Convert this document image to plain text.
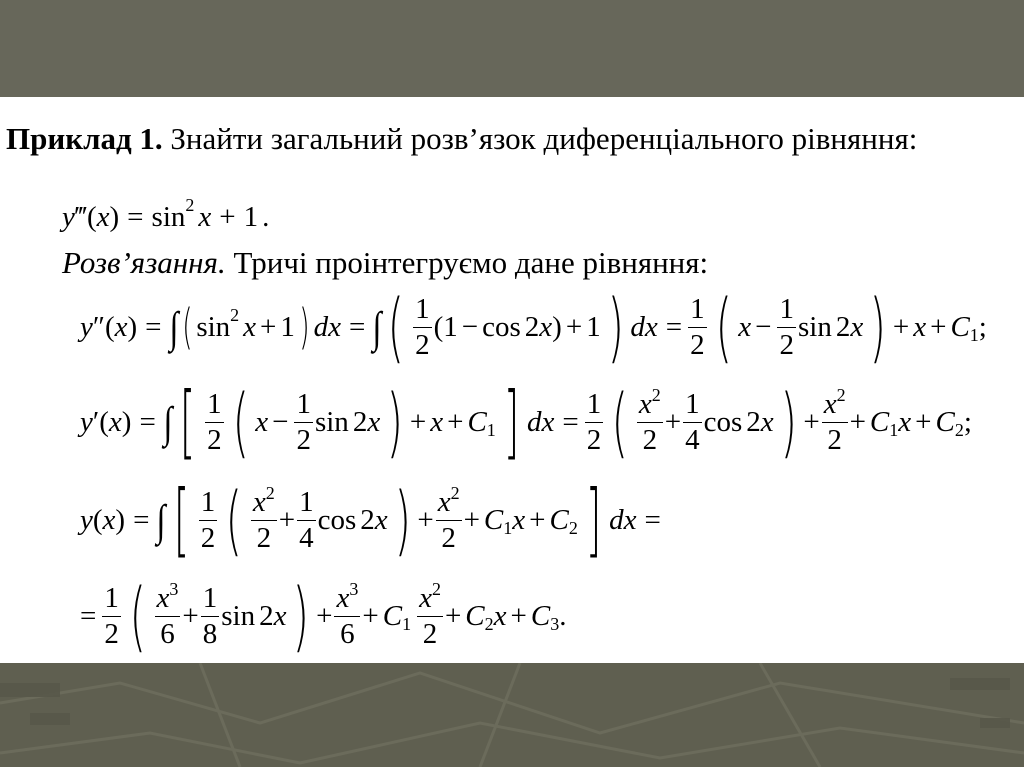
Приклад 1. Знайти загальний розв’язок диференціального рівняння:
y ‴( x ) = sin 2 x + 1 .
Розв’язання. Тричі проінтегруємо дане рівняння:
y ″( x ) = ∫ ( sin 2 x + 1 ) dx = ∫ ( $\frac{1}{2} (1 - \cos 2$ x ) + 1 ) dx = $\frac{1}{2}$ ( $x - \frac{1}{2}$ sin 2 x ) + x + C 1 ;
y ′( x ) = ∫ [ $\frac{1}{2}$ ( $x - \frac{1}{2}$ sin 2 x ) + x + C 1 ] dx = $\frac{1}{2}$ ( $\frac{x^2}{2} + \frac{1}{4}$ cos 2 x ) + $\frac{x^2}{2} + C$ 1 x + C 2 ;
y ( x ) = ∫ [ $\frac{1}{2}$ ( $\frac{x^2}{2} + \frac{1}{4}$ cos 2 x ) + $\frac{x^2}{2} + C$ 1 x + C 2 ] dx =
= $\frac{1}{2}$ ( $\frac{x^3}{6} + \frac{1}{8}$ sin 2 x ) + $\frac{x^3}{6} + C$ $1 \frac{x^2}{2} + C$ 2 x + C 3 .
